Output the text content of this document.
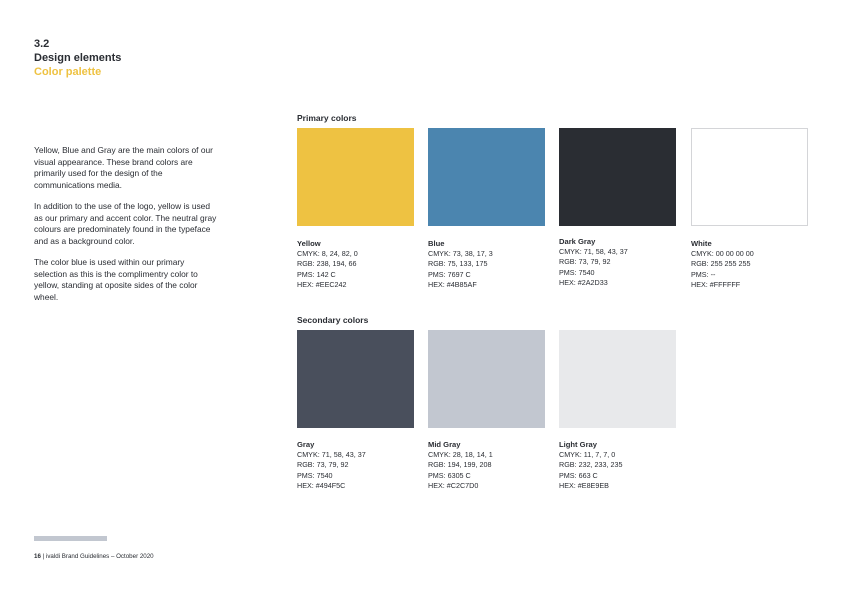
3.2
Design elements
Color palette

Yellow, Blue and Gray are the main colors of our visual appearance. These brand colors are primarily used for the design of the communications media.

In addition to the use of the logo, yellow is used as our primary and accent color. The neutral gray colours are predominately found in the typeface and as a background color.

The color blue is used within our primary selection as this is the complimentry color to yellow, standing at oposite sides of the color wheel.

Primary colors
Yellow
CMYK: 8, 24, 82, 0
RGB: 238, 194, 66
PMS: 142 C
HEX: #EEC242
Blue
CMYK: 73, 38, 17, 3
RGB: 75, 133, 175
PMS: 7697 C
HEX: #4B85AF
Dark Gray
CMYK: 71, 58, 43, 37
RGB: 73, 79, 92
PMS: 7540
HEX: #2A2D33
White
CMYK: 00 00 00 00
RGB: 255 255 255
PMS: --
HEX: #FFFFFF
Secondary colors
Gray
CMYK: 71, 58, 43, 37
RGB: 73, 79, 92
PMS: 7540
HEX: #494F5C
Mid Gray
CMYK: 28, 18, 14, 1
RGB: 194, 199, 208
PMS: 6305 C
HEX: #C2C7D0
Light Gray
CMYK: 11, 7, 7, 0
RGB: 232, 233, 235
PMS: 663 C
HEX: #E8E9EB
16 | ivaldi Brand Guidelines – October 2020
